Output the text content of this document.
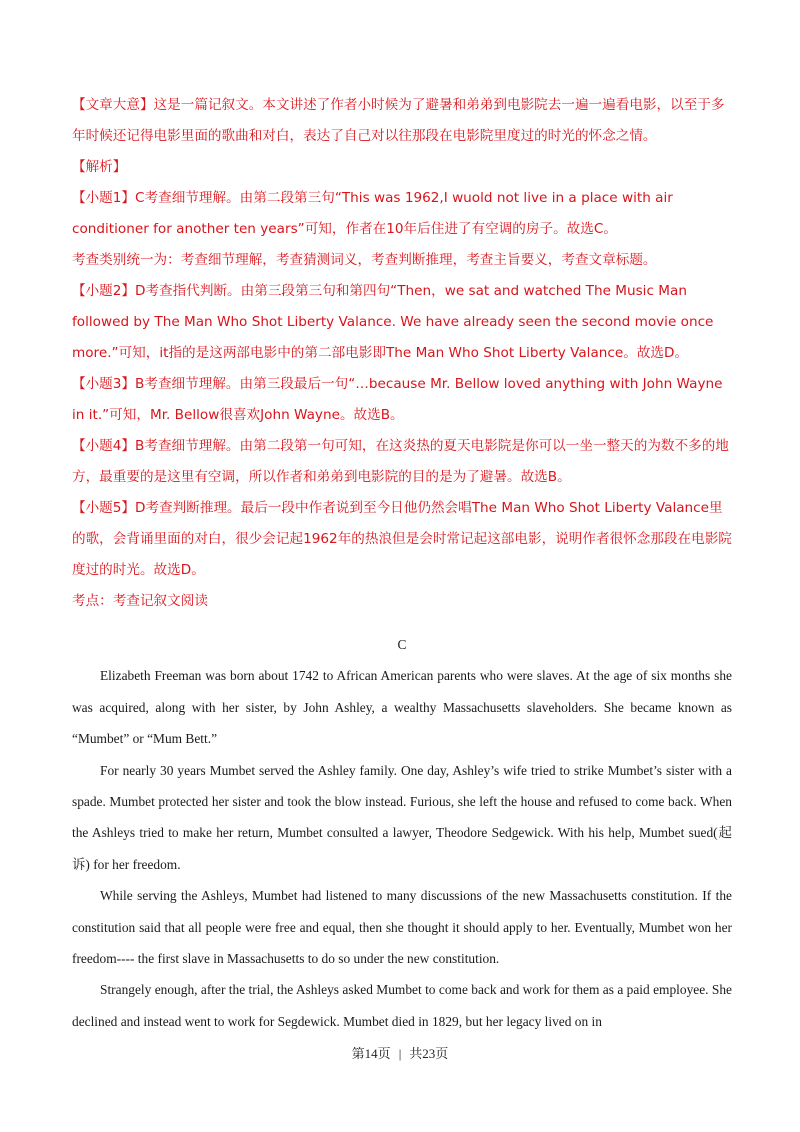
【文章大意】这是一篇记叙文。本文讲述了作者小时候为了避暑和弟弟到电影院去一遍一遍看电影，以至于多年时候还记得电影里面的歌曲和对白，表达了自己对以往那段在电影院里度过的时光的怀念之情。

【解析】

【小题1】C考查细节理解。由第二段第三句“This was 1962,I wuold not live in a place with air conditioner for another ten years”可知，作者在10年后住进了有空调的房子。故选C。

考查类别统一为：考查细节理解，考查猜测词义，考查判断推理，考查主旨要义，考查文章标题。

【小题2】D考查指代判断。由第三段第三句和第四句“Then，we sat and watched The Music Man followed by The Man Who Shot Liberty Valance. We have already seen the second movie once more.”可知，it指的是这两部电影中的第二部电影即The Man Who Shot Liberty Valance。故选D。

【小题3】B考查细节理解。由第三段最后一句“…because Mr. Bellow loved anything with John Wayne in it.”可知，Mr. Bellow很喜欢John Wayne。故选B。

【小题4】B考查细节理解。由第二段第一句可知，在这炎热的夏天电影院是你可以一坐一整天的为数不多的地方，最重要的是这里有空调，所以作者和弟弟到电影院的目的是为了避暑。故选B。

【小题5】D考查判断推理。最后一段中作者说到至今日他仍然会唱The Man Who Shot Liberty Valance里的歌，会背诵里面的对白，很少会记起1962年的热浪但是会时常记起这部电影，说明作者很怀念那段在电影院度过的时光。故选D。

考点：考查记叙文阅读

C

Elizabeth Freeman was born about 1742 to African American parents who were slaves. At the age of six months she was acquired, along with her sister, by John Ashley, a wealthy Massachusetts slaveholders. She became known as “Mumbet” or “Mum Bett.”

For nearly 30 years Mumbet served the Ashley family. One day, Ashley’s wife tried to strike Mumbet’s sister with a spade. Mumbet protected her sister and took the blow instead. Furious, she left the house and refused to come back. When the Ashleys tried to make her return, Mumbet consulted a lawyer, Theodore Sedgewick. With his help, Mumbet sued(起诉) for her freedom.

While serving the Ashleys, Mumbet had listened to many discussions of the new Massachusetts constitution. If the constitution said that all people were free and equal, then she thought it should apply to her. Eventually, Mumbet won her freedom---- the first slave in Massachusetts to do so under the new constitution.

Strangely enough, after the trial, the Ashleys asked Mumbet to come back and work for them as a paid employee. She declined and instead went to work for Segdewick. Mumbet died in 1829, but her legacy lived on in

第14页 | 共23页
